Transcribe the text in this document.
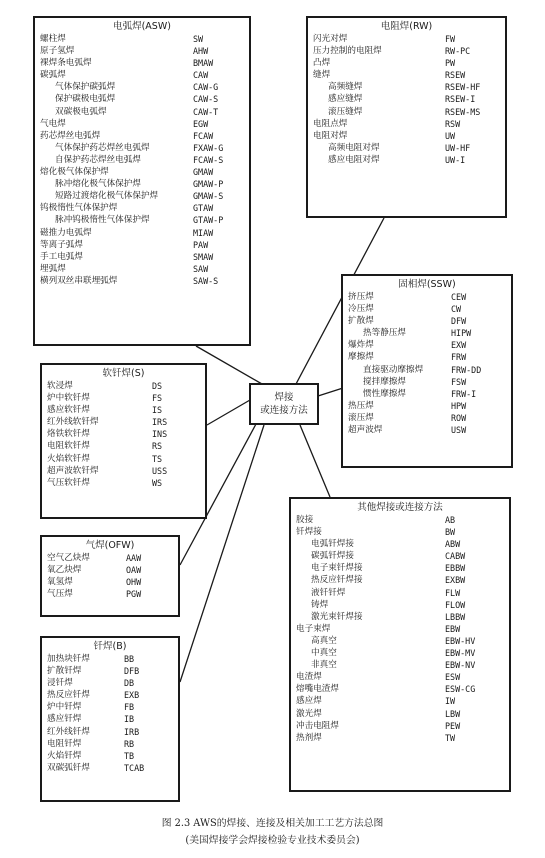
电弧焊(ASW)
螺柱焊	SW
原子氢焊	AHW
裸焊条电弧焊	BMAW
碳弧焊	CAW
气体保护碳弧焊	CAW-G
保护碳极电弧焊	CAW-S
双碳极电弧焊	CAW-T
气电焊	EGW
药芯焊丝电弧焊	FCAW
气体保护药芯焊丝电弧焊	FXAW-G
自保护药芯焊丝电弧焊	FCAW-S
熔化极气体保护焊	GMAW
脉冲熔化极气体保护焊	GMAW-P
短路过渡熔化极气体保护焊	GMAW-S
钨极惰性气体保护焊	GTAW
脉冲钨极惰性气体保护焊	GTAW-P
磁推力电弧焊	MIAW
等离子弧焊	PAW
手工电弧焊	SMAW
埋弧焊	SAW
横列双丝串联埋弧焊	SAW-S
电阻焊(RW)
闪光对焊	FW
压力控制的电阻焊	RW-PC
凸焊	PW
缝焊	RSEW
高频缝焊	RSEW-HF
感应缝焊	RSEW-I
滚压缝焊	RSEW-MS
电阻点焊	RSW
电阻对焊	UW
高频电阻对焊	UW-HF
感应电阻对焊	UW-I
固相焊(SSW)
挤压焊	CEW
冷压焊	CW
扩散焊	DFW
热等静压焊	HIPW
爆炸焊	EXW
摩擦焊	FRW
直接驱动摩擦焊	FRW-DD
搅拌摩擦焊	FSW
惯性摩擦焊	FRW-I
热压焊	HPW
滚压焊	ROW
超声波焊	USW
软钎焊(S)
软浸焊	DS
炉中软钎焊	FS
感应软钎焊	IS
红外线软钎焊	IRS
烙铁软钎焊	INS
电阻软钎焊	RS
火焰软钎焊	TS
超声波软钎焊	USS
气压软钎焊	WS
气焊(OFW)
空气乙炔焊	AAW
氧乙炔焊	OAW
氧氢焊	OHW
气压焊	PGW
钎焊(B)
加热块钎焊	BB
扩散钎焊	DFB
浸钎焊	DB
热反应钎焊	EXB
炉中钎焊	FB
感应钎焊	IB
红外线钎焊	IRB
电阻钎焊	RB
火焰钎焊	TB
双碳弧钎焊	TCAB
其他焊接或连接方法
胶接	AB
钎焊接	BW
电弧钎焊接	ABW
碳弧钎焊接	CABW
电子束钎焊接	EBBW
热反应钎焊接	EXBW
液钎钎焊	FLW
铸焊	FLOW
激光束钎焊接	LBBW
电子束焊	EBW
高真空	EBW-HV
中真空	EBW-MV
非真空	EBW-NV
电渣焊	ESW
熔嘴电渣焊	ESW-CG
感应焊	IW
激光焊	LBW
冲击电阻焊	PEW
热剂焊	TW
焊接
或连接方法
图 2.3 AWS的焊接、连接及相关加工工艺方法总图
(美国焊接学会焊接检验专业技术委员会)
